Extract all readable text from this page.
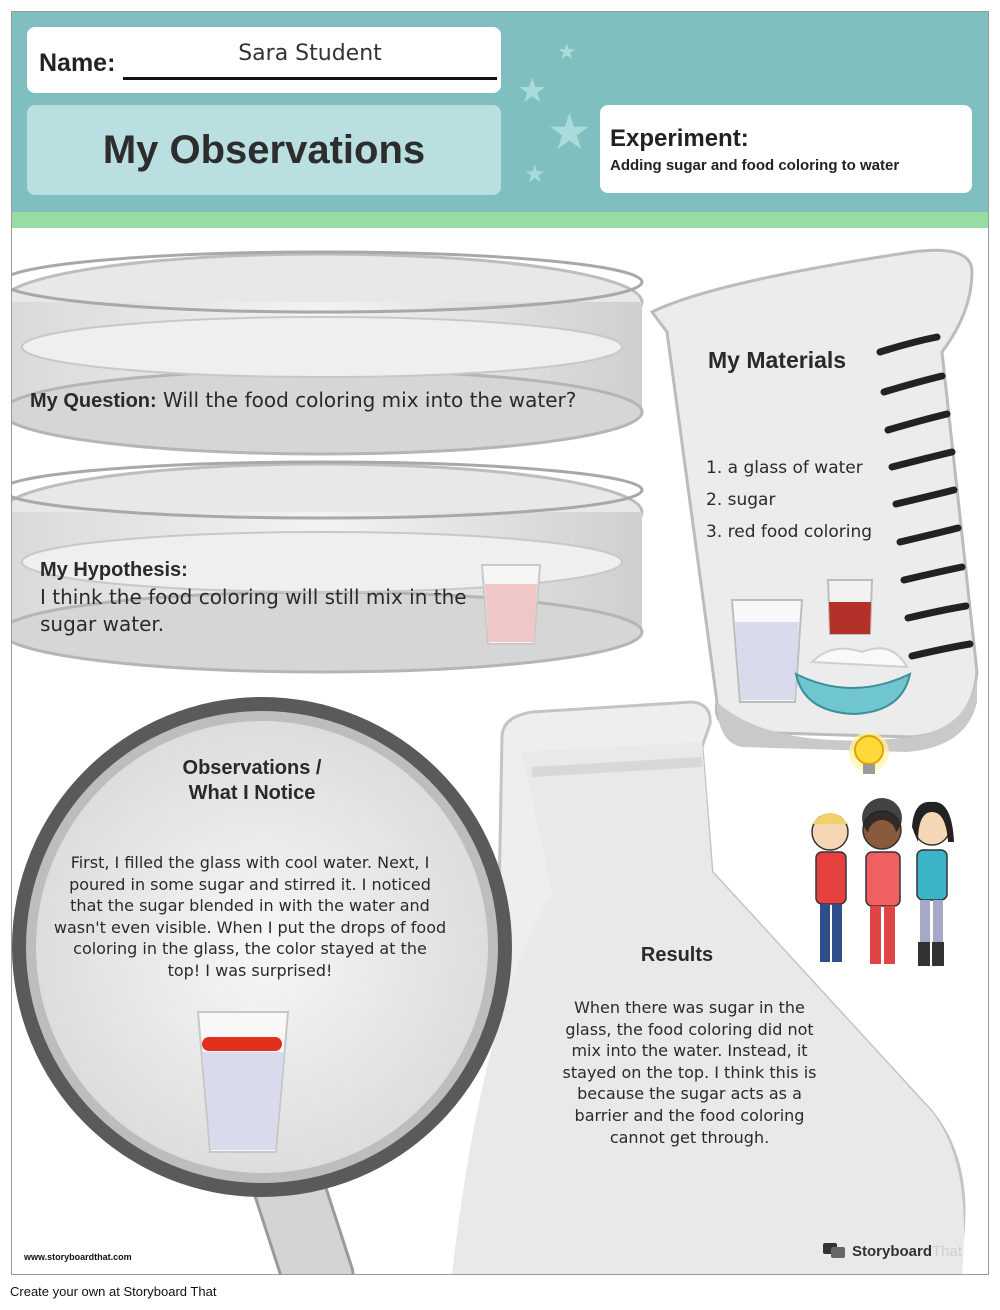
★
★
★
★
Name:	Sara Student
My Observations	Experiment:
Adding sugar and food coloring to water
My Question: Will the food coloring mix into the water?
My Hypothesis:
I think the food coloring will still mix in the
sugar water.
My Materials
1. a glass of water
2. sugar
3. red food coloring
Observations /
What I Notice
First, I filled the glass with cool water. Next, I
poured in some sugar and stirred it. I noticed
that the sugar blended in with the water and
wasn't even visible. When I put the drops of food
coloring in the glass, the color stayed at the
top! I was surprised!
Results
When there was sugar in the
glass, the food coloring did not
mix into the water. Instead, it
stayed on the top. I think this is
because the sugar acts as a
barrier and the food coloring
cannot get through.
www.storyboardthat.com	StoryboardThat
Create your own at Storyboard That
